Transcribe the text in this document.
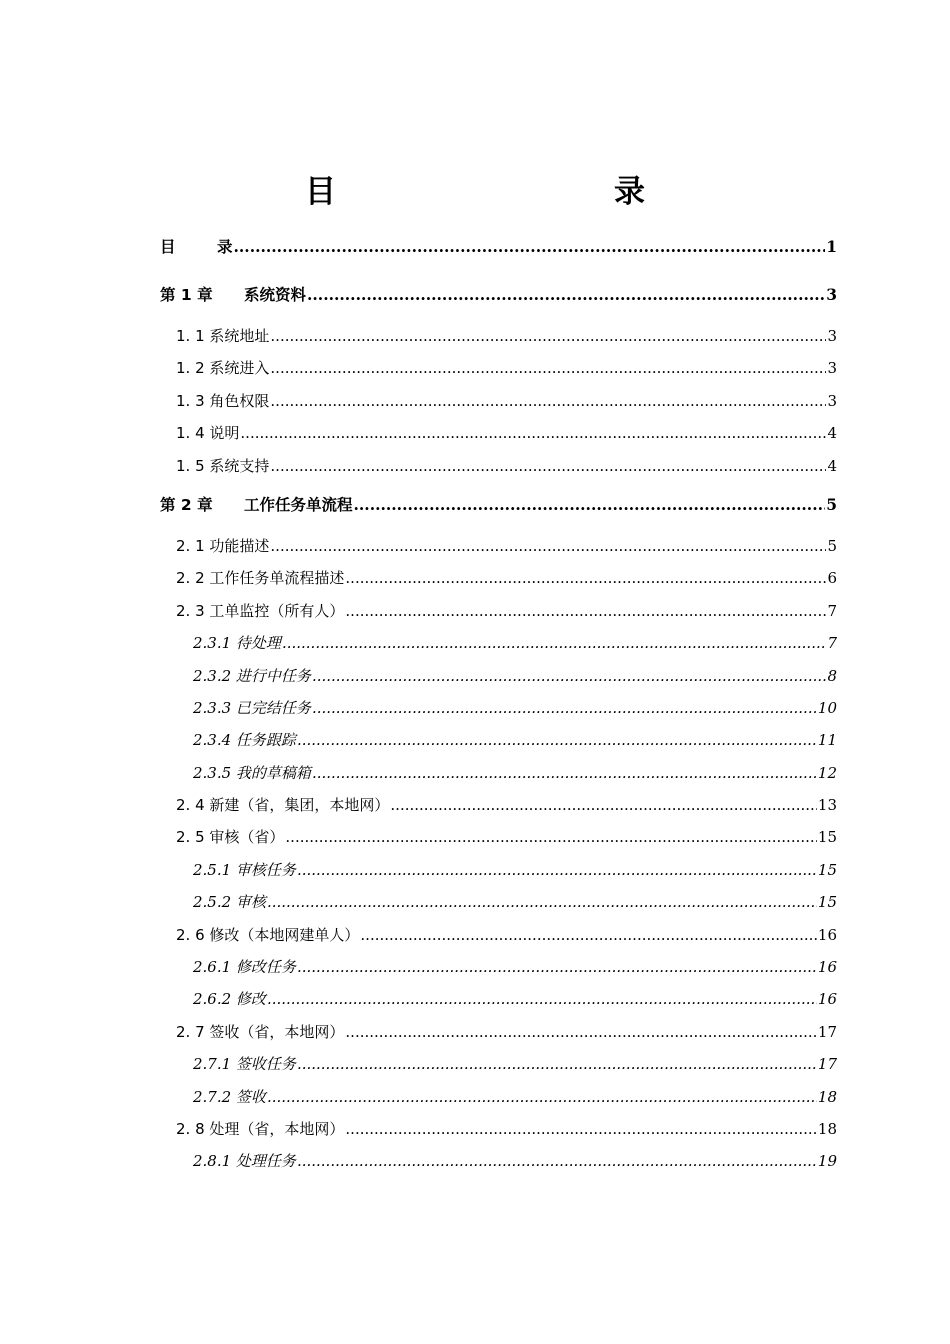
目　　录
目	录 .....	1
第 1 章 系统资料 .....	3
1. 1 系统地址 .....	3
1. 2 系统进入 .....	3
1. 3 角色权限 .....	3
1. 4 说明 .....	4
1. 5 系统支持 .....	4
第 2 章 工作任务单流程 .....	5
2. 1 功能描述 .....	5
2. 2 工作任务单流程描述 .....	6
2. 3 工单监控（所有人） .....	7
2.3.1 待处理 .....	7
2.3.2 进行中任务 .....	8
2.3.3 已完结任务 .....	10
2.3.4 任务跟踪 .....	11
2.3.5 我的草稿箱 .....	12
2. 4 新建（省，集团，本地网） .....	13
2. 5 审核（省） .....	15
2.5.1 审核任务 .....	15
2.5.2 审核 .....	15
2. 6 修改（本地网建单人） .....	16
2.6.1 修改任务 .....	16
2.6.2 修改 .....	16
2. 7 签收（省，本地网） .....	17
2.7.1 签收任务 .....	17
2.7.2 签收 .....	18
2. 8 处理（省，本地网） .....	18
2.8.1 处理任务 .....	19
